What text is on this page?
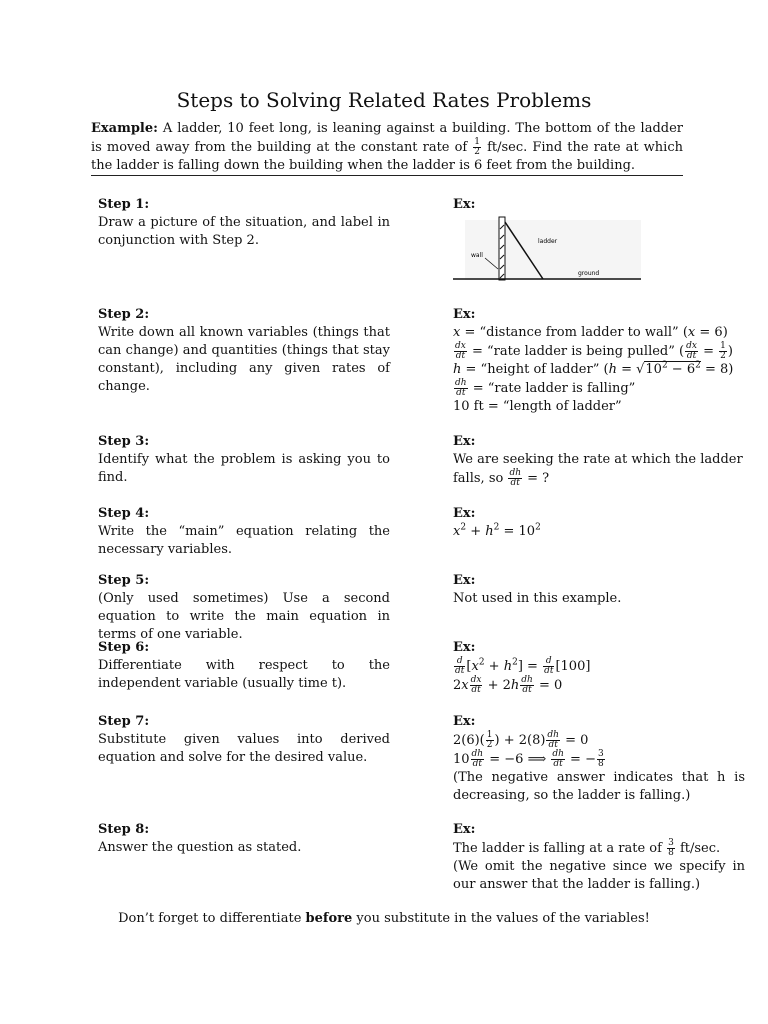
Steps to Solving Related Rates Problems
Example: A ladder, 10 feet long, is leaning against a building. The bottom of the ladder is moved away from the building at the constant rate of $\frac{1}{2} ft/\sec$. Find the rate at which the ladder is falling down the building when the ladder is 6 feet from the building.
Step 1:
Draw a picture of the situation, and label in conjunction with Step 2.
Ex:
wall
ladder
ground
Step 2:
Write down all known variables (things that can change) and quantities (things that stay constant), including any given rates of change.
Ex:
x = “distance from ladder to wall” (x = 6)
$\frac{dx}{dt}$ = “rate ladder is being pulled” ( $\frac{dx}{dt} = \frac{1}{2}$ )
h = “height of ladder” $(h = √10^2 - 6^2 = 8)$
$\frac{dh}{dt}$ = “rate ladder is falling”
10 ft = “length of ladder”
Step 3:
Identify what the problem is asking you to find.
Ex:
We are seeking the rate at which the ladder falls, so $\frac{dh}{dt}$ = ?
Step 4:
Write the “main” equation relating the necessary variables.
Ex:
$x^2 + h^2 = 10^2$
Step 5:
(Only used sometimes) Use a second equation to write the main equation in terms of one variable.
Ex:
Not used in this example.
Step 6:
Differentiate with respect to the independent variable (usually time t).
Ex:
$\frac{d}{dt} [x^2 + h^2] = \frac{d}{dt} [100]$
$2x \frac{dx}{dt} + 2h \frac{dh}{dt} = 0$
Step 7:
Substitute given values into derived equation and solve for the desired value.
Ex:
$2(6)( \frac{1}{2}$ ) + $2(8) \frac{dh}{dt} = 0$
$10 \frac{dh}{dt} = -6$ ⟹ $\frac{dh}{dt}$ = − $\frac{3}{8}$
(The negative answer indicates that h is decreasing, so the ladder is falling.)
Step 8:
Answer the question as stated.
Ex:
The ladder is falling at a rate of $\frac{3}{8} ft/\sec$.
(We omit the negative since we specify in our answer that the ladder is falling.)
Don’t forget to differentiate before you substitute in the values of the variables!
